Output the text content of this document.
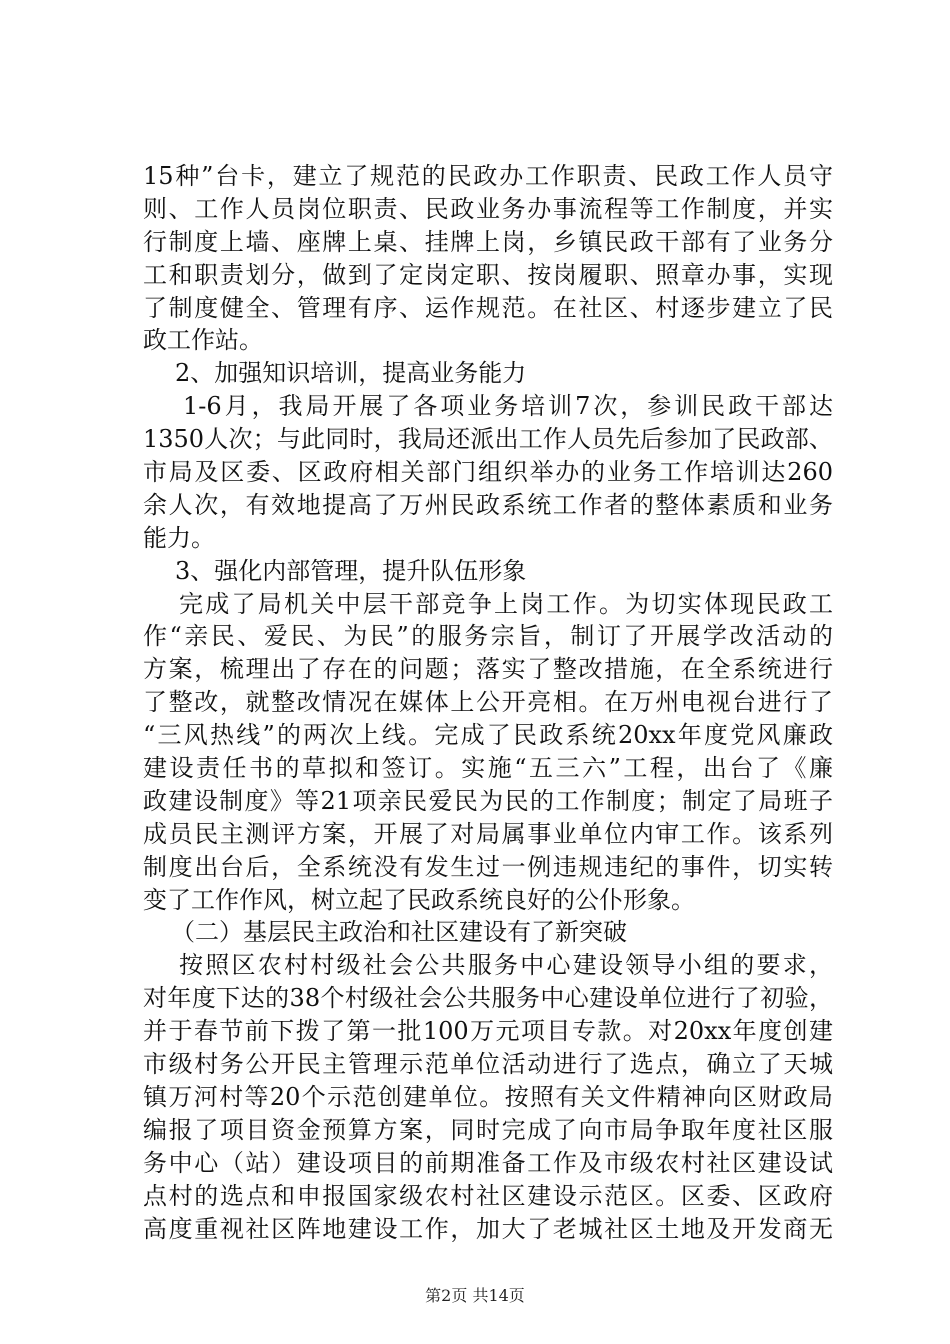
15种”台卡，建立了规范的民政办工作职责、民政工作人员守
则、工作人员岗位职责、民政业务办事流程等工作制度，并实
行制度上墙、座牌上桌、挂牌上岗，乡镇民政干部有了业务分
工和职责划分，做到了定岗定职、按岗履职、照章办事，实现
了制度健全、管理有序、运作规范。在社区、村逐步建立了民
政工作站。
2、加强知识培训，提高业务能力
1-6月，我局开展了各项业务培训7次，参训民政干部达
1350人次；与此同时，我局还派出工作人员先后参加了民政部、
市局及区委、区政府相关部门组织举办的业务工作培训达260
余人次，有效地提高了万州民政系统工作者的整体素质和业务
能力。
3、强化内部管理，提升队伍形象
完成了局机关中层干部竞争上岗工作。为切实体现民政工
作“亲民、爱民、为民”的服务宗旨，制订了开展学改活动的
方案，梳理出了存在的问题；落实了整改措施，在全系统进行
了整改，就整改情况在媒体上公开亮相。在万州电视台进行了
“三风热线”的两次上线。完成了民政系统20xx年度党风廉政
建设责任书的草拟和签订。实施“五三六”工程，出台了《廉
政建设制度》等21项亲民爱民为民的工作制度；制定了局班子
成员民主测评方案，开展了对局属事业单位内审工作。该系列
制度出台后，全系统没有发生过一例违规违纪的事件，切实转
变了工作作风，树立起了民政系统良好的公仆形象。
（二）基层民主政治和社区建设有了新突破
按照区农村村级社会公共服务中心建设领导小组的要求，
对年度下达的38个村级社会公共服务中心建设单位进行了初验，
并于春节前下拨了第一批100万元项目专款。对20xx年度创建
市级村务公开民主管理示范单位活动进行了选点，确立了天城
镇万河村等20个示范创建单位。按照有关文件精神向区财政局
编报了项目资金预算方案，同时完成了向市局争取年度社区服
务中心（站）建设项目的前期准备工作及市级农村社区建设试
点村的选点和申报国家级农村社区建设示范区。区委、区政府
高度重视社区阵地建设工作，加大了老城社区土地及开发商无
第2页 共14页
